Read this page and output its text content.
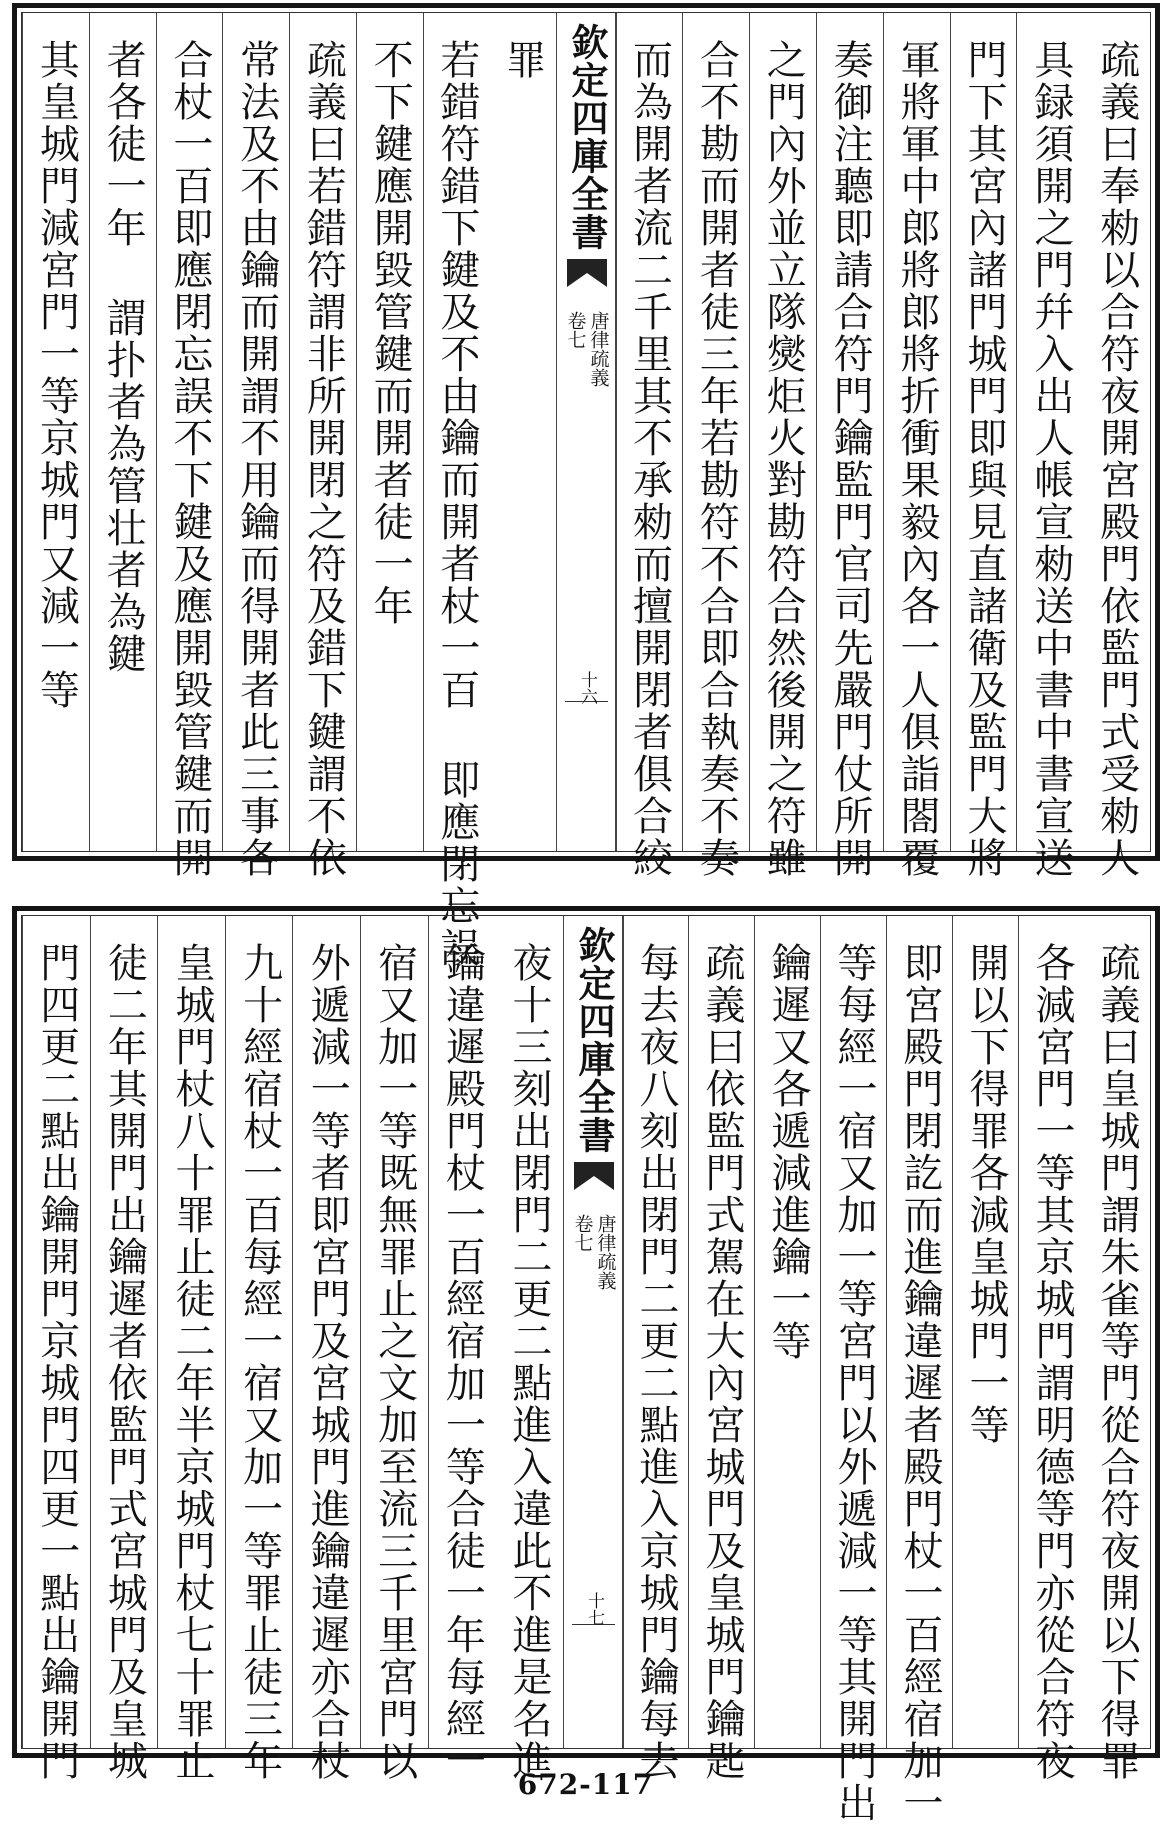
罪
若錯符錯下鍵及不由鑰而開者杖一百 即應閉忘誤
不下鍵應開毀管鍵而開者徒一年
疏義曰若錯符謂非所開閉之符及錯下鍵謂不依
常法及不由鑰而開謂不用鑰而得開者此三事各
合杖一百即應閉忘誤不下鍵及應開毀管鍵而開
者各徒一年 謂扑者為管壮者為鍵
其皇城門減宮門一等京城門又減一等	欽定四庫全書
唐律疏義
卷七
十六	疏義曰奉勑以合符夜開宮殿門依監門式受勑人
具録須開之門幷入出人帳宣勑送中書中書宣送
門下其宮內諸門城門即與見直諸衛及監門大將
軍將軍中郎將郎將折衝果毅內各一人俱詣閤覆
奏御注聽即請合符門鑰監門官司先嚴門仗所開
之門內外並立隊爕炬火對勘符合然後開之符雖
合不勘而開者徒三年若勘符不合即合執奏不奏
而為開者流二千里其不承勑而擅開閉者俱合絞
夜十三刻出閉門二更二點進入違此不進是名進
鑰違遲殿門杖一百經宿加一等合徒一年每經一
宿又加一等既無罪止之文加至流三千里宮門以
外遞減一等者即宮門及宮城門進鑰違遲亦合杖
九十經宿杖一百每經一宿又加一等罪止徒三年
皇城門杖八十罪止徒二年半京城門杖七十罪止
徒二年其開門出鑰遲者依監門式宮城門及皇城
門四更二點出鑰開門京城門四更一點出鑰開門	欽定四庫全書
唐律疏義
卷七
十七	疏義曰皇城門謂朱雀等門從合符夜開以下得罪
各減宮門一等其京城門謂明德等門亦從合符夜
開以下得罪各減皇城門一等
即宮殿門閉訖而進鑰違遲者殿門杖一百經宿加一
等每經一宿又加一等宮門以外遞減一等其開門出
鑰遲又各遞減進鑰一等
疏義曰依監門式駕在大內宮城門及皇城門鑰匙
每去夜八刻出閉門二更二點進入京城門鑰每去
672-117
